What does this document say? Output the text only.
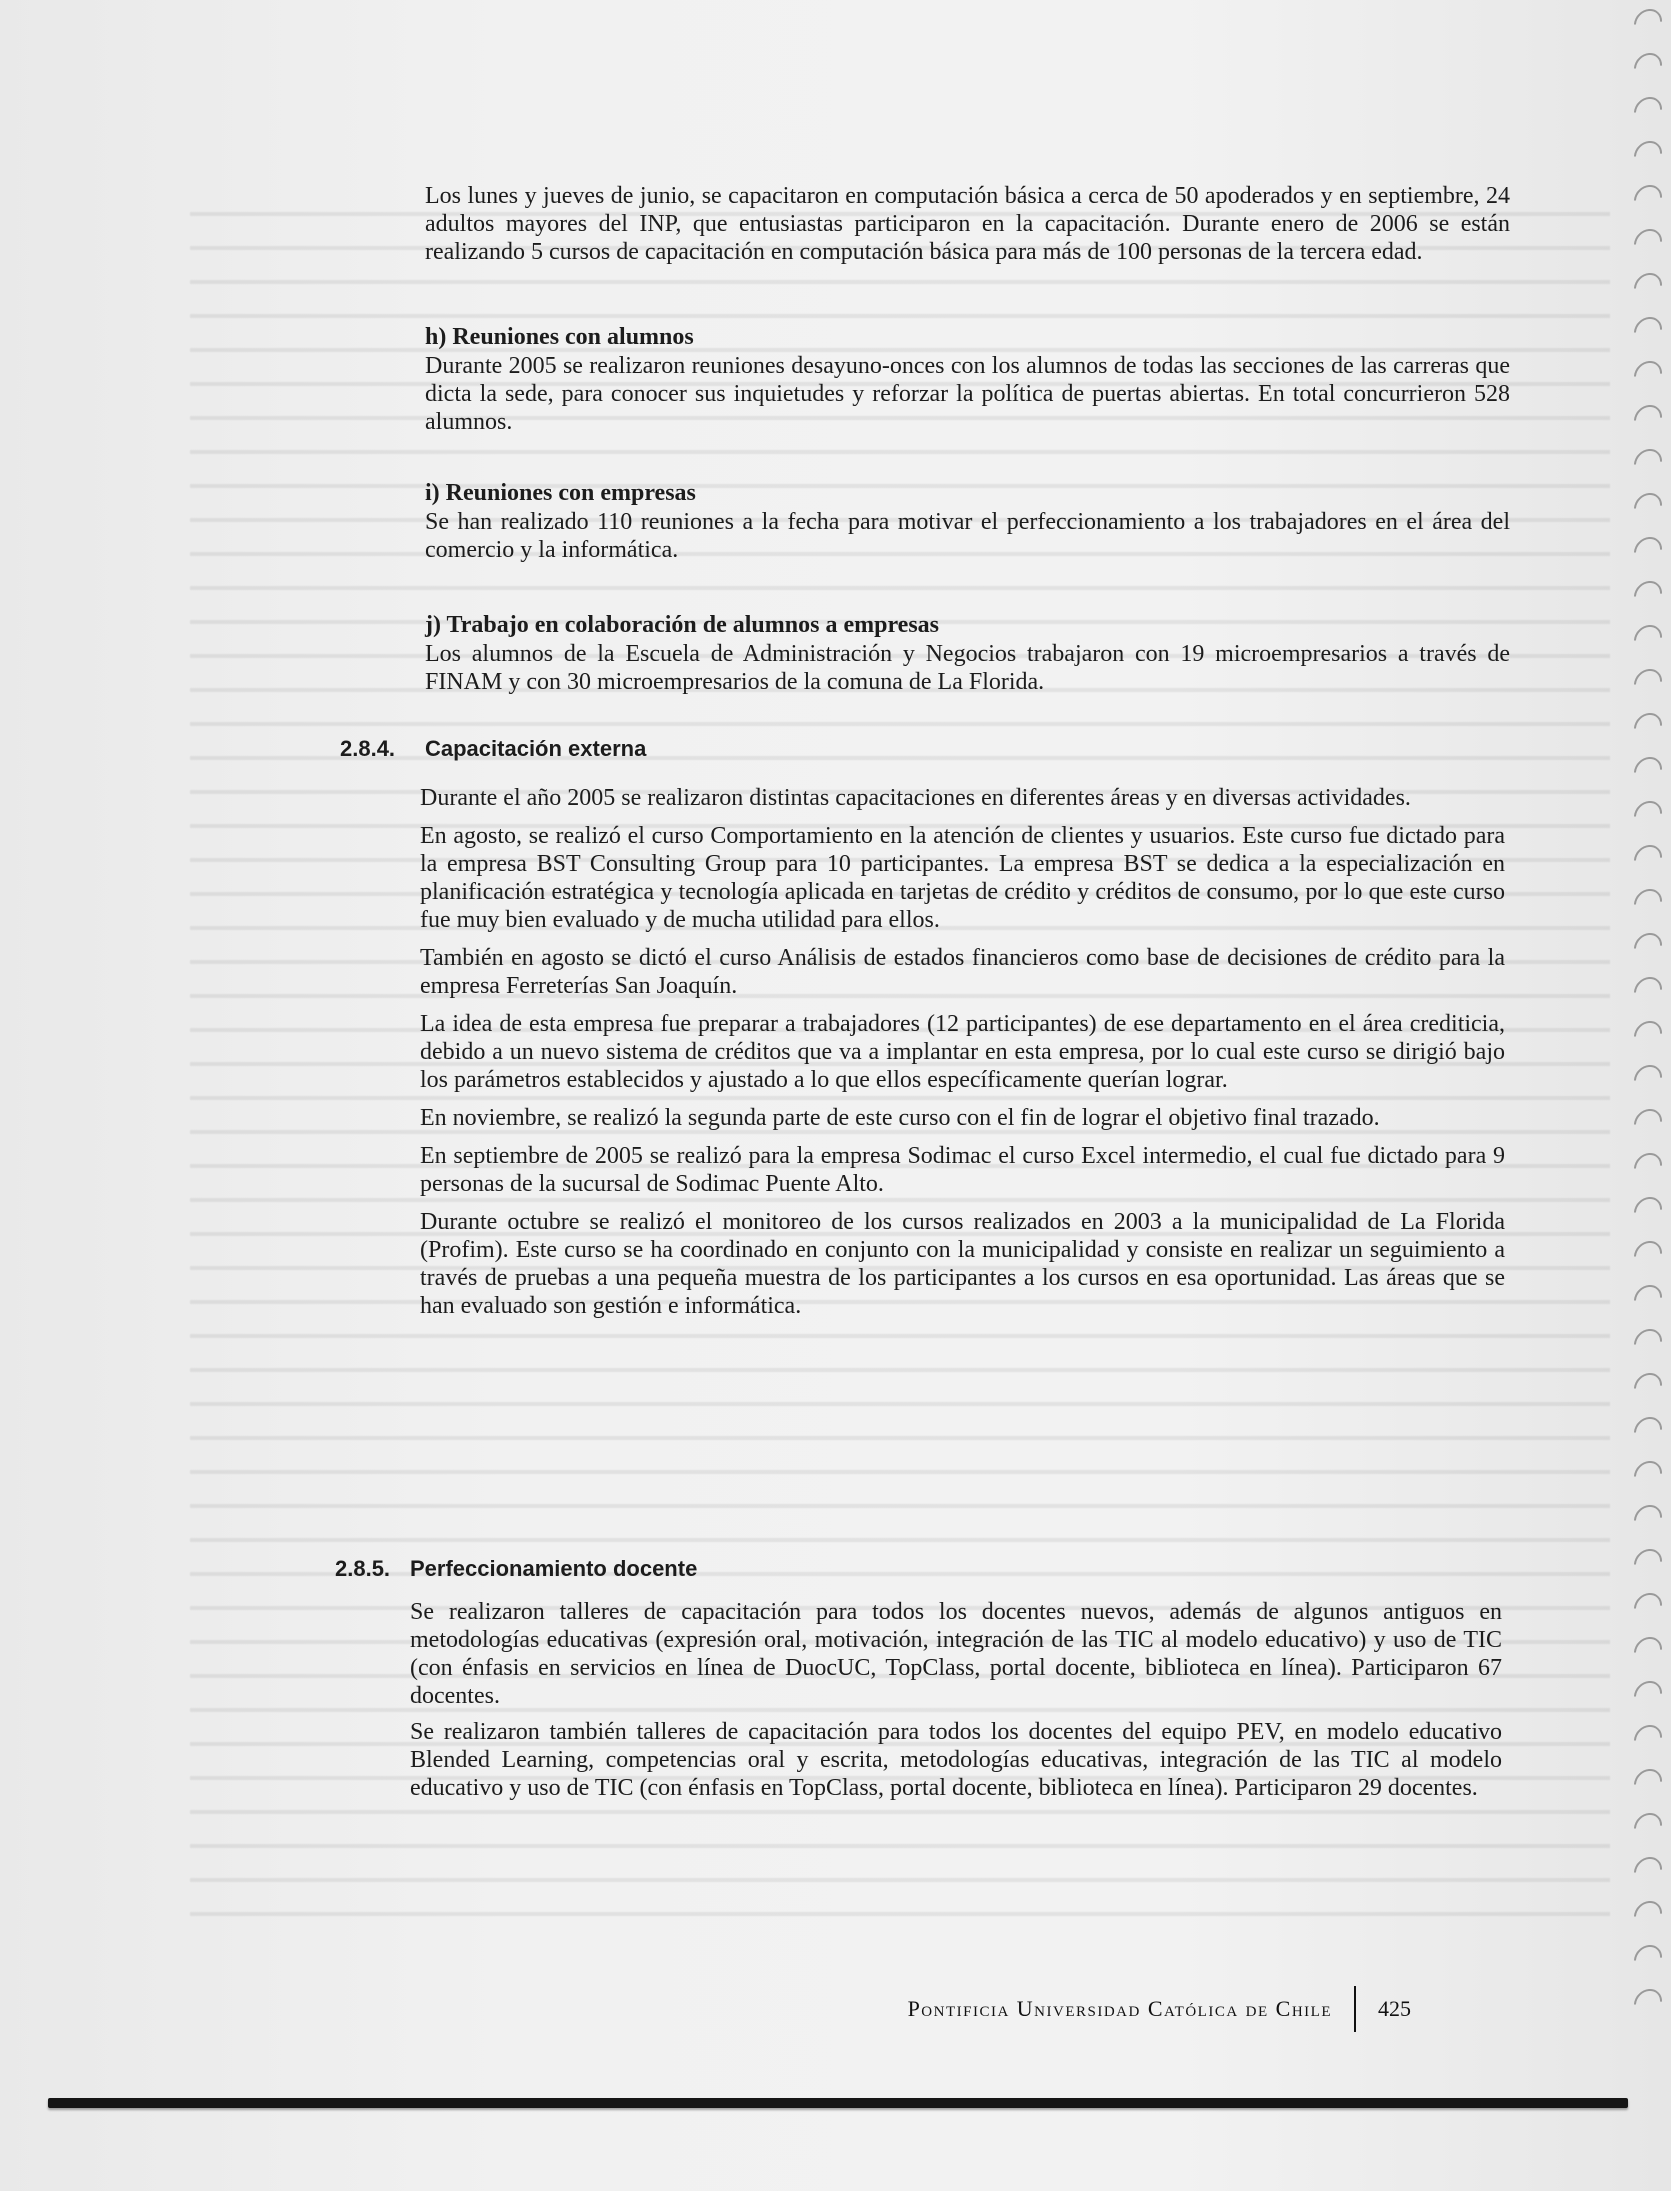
Los lunes y jueves de junio, se capacitaron en computación básica a cerca de 50 apoderados y en septiembre, 24 adultos mayores del INP, que entusiastas participaron en la capacitación. Durante enero de 2006 se están realizando 5 cursos de capacitación en computación básica para más de 100 personas de la tercera edad.

h) Reuniones con alumnos

Durante 2005 se realizaron reuniones desayuno-onces con los alumnos de todas las secciones de las carreras que dicta la sede, para conocer sus inquietudes y reforzar la política de puertas abiertas. En total concurrieron 528 alumnos.

i) Reuniones con empresas

Se han realizado 110 reuniones a la fecha para motivar el perfeccionamiento a los trabajadores en el área del comercio y la informática.

j) Trabajo en colaboración de alumnos a empresas

Los alumnos de la Escuela de Administración y Negocios trabajaron con 19 microempresarios a través de FINAM y con 30 microempresarios de la comuna de La Florida.

2.8.4. Capacitación externa

Durante el año 2005 se realizaron distintas capacitaciones en diferentes áreas y en diversas actividades.

En agosto, se realizó el curso Comportamiento en la atención de clientes y usuarios. Este curso fue dictado para la empresa BST Consulting Group para 10 participantes. La empresa BST se dedica a la especialización en planificación estratégica y tecnología aplicada en tarjetas de crédito y créditos de consumo, por lo que este curso fue muy bien evaluado y de mucha utilidad para ellos.

También en agosto se dictó el curso Análisis de estados financieros como base de decisiones de crédito para la empresa Ferreterías San Joaquín.

La idea de esta empresa fue preparar a trabajadores (12 participantes) de ese departamento en el área crediticia, debido a un nuevo sistema de créditos que va a implantar en esta empresa, por lo cual este curso se dirigió bajo los parámetros establecidos y ajustado a lo que ellos específicamente querían lograr.

En noviembre, se realizó la segunda parte de este curso con el fin de lograr el objetivo final trazado.

En septiembre de 2005 se realizó para la empresa Sodimac el curso Excel intermedio, el cual fue dictado para 9 personas de la sucursal de Sodimac Puente Alto.

Durante octubre se realizó el monitoreo de los cursos realizados en 2003 a la municipalidad de La Florida (Profim). Este curso se ha coordinado en conjunto con la municipalidad y consiste en realizar un seguimiento a través de pruebas a una pequeña muestra de los participantes a los cursos en esa oportunidad. Las áreas que se han evaluado son gestión e informática.

2.8.5. Perfeccionamiento docente

Se realizaron talleres de capacitación para todos los docentes nuevos, además de algunos antiguos en metodologías educativas (expresión oral, motivación, integración de las TIC al modelo educativo) y uso de TIC (con énfasis en servicios en línea de DuocUC, TopClass, portal docente, biblioteca en línea). Participaron 67 docentes.

Se realizaron también talleres de capacitación para todos los docentes del equipo PEV, en modelo educativo Blended Learning, competencias oral y escrita, metodologías educativas, integración de las TIC al modelo educativo y uso de TIC (con énfasis en TopClass, portal docente, biblioteca en línea). Participaron 29 docentes.

Pontificia Universidad Católica de Chile 425
